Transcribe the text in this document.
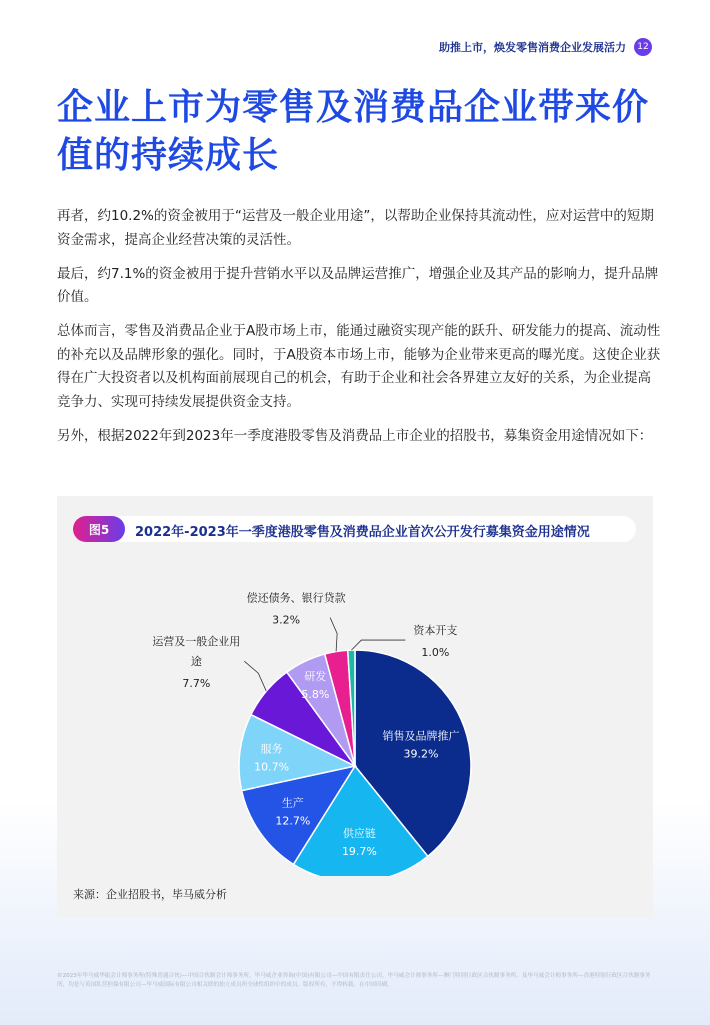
助推上市，焕发零售消费企业发展活力	12
企业上市为零售及消费品企业带来价值的持续成长

再者，约10.2%的资金被用于“运营及一般企业用途”，以帮助企业保持其流动性，应对运营中的短期资金需求，提高企业经营决策的灵活性。

最后，约7.1%的资金被用于提升营销水平以及品牌运营推广，增强企业及其产品的影响力，提升品牌价值。

总体而言，零售及消费品企业于A股市场上市，能通过融资实现产能的跃升、研发能力的提高、流动性的补充以及品牌形象的强化。同时，于A股资本市场上市，能够为企业带来更高的曝光度。这使企业获得在广大投资者以及机构面前展现自己的机会，有助于企业和社会各界建立友好的关系，为企业提高竞争力、实现可持续发展提供资金支持。

另外，根据2022年到2023年一季度港股零售及消费品上市企业的招股书，募集资金用途情况如下：

图5	2022年-2023年一季度港股零售及消费品企业首次公开发行募集资金用途情况
销售及品牌推广
39.2%
供应链
19.7%
生产
12.7%
服务
10.7%
研发
5.8%
运营及一般企业用
途
7.7%
偿还债务、银行贷款
3.2%
资本开支
1.0%
来源：企业招股书，毕马威分析
©2023年毕马威华振会计师事务所(特殊普通合伙)—中国合伙制会计师事务所，毕马威企业咨询(中国)有限公司—中国有限责任公司，毕马威会计师事务所—澳门特别行政区合伙制事务所，及毕马威会计师事务所—香港特别行政区合伙制事务所，均是与英国私营担保有限公司—毕马威国际有限公司相关联的独立成员所全球性组织中的成员。版权所有，不得转载。在中国印刷。
